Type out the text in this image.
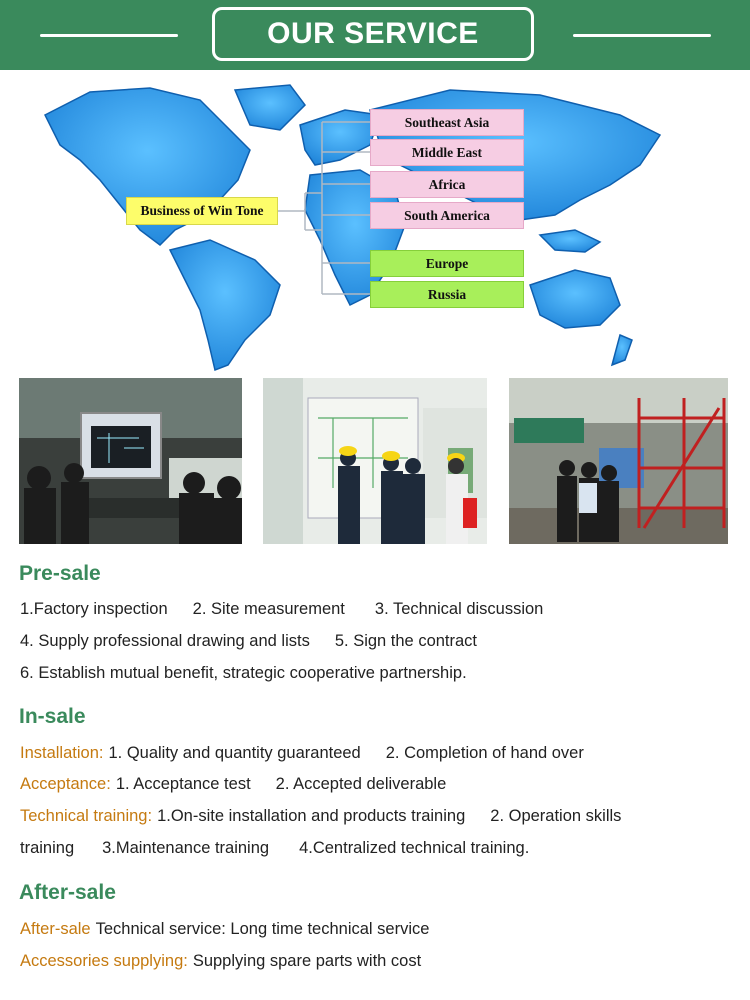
OUR SERVICE
Business of Win Tone
Southeast Asia
Middle East
Africa
South America
Europe
Russia
Pre-sale
1.Factory inspection 2. Site measurement 3. Technical discussion
4. Supply professional drawing and lists 5. Sign the contract
6. Establish mutual benefit, strategic cooperative partnership.
In-sale
Installation: 1. Quality and quantity guaranteed 2. Completion of hand over
Acceptance: 1. Acceptance test 2. Accepted deliverable
Technical training: 1.On-site installation and products training 2. Operation skills
training 3.Maintenance training 4.Centralized technical training.
After-sale
After-sale Technical service: Long time technical service
Accessories supplying: Supplying spare parts with cost
